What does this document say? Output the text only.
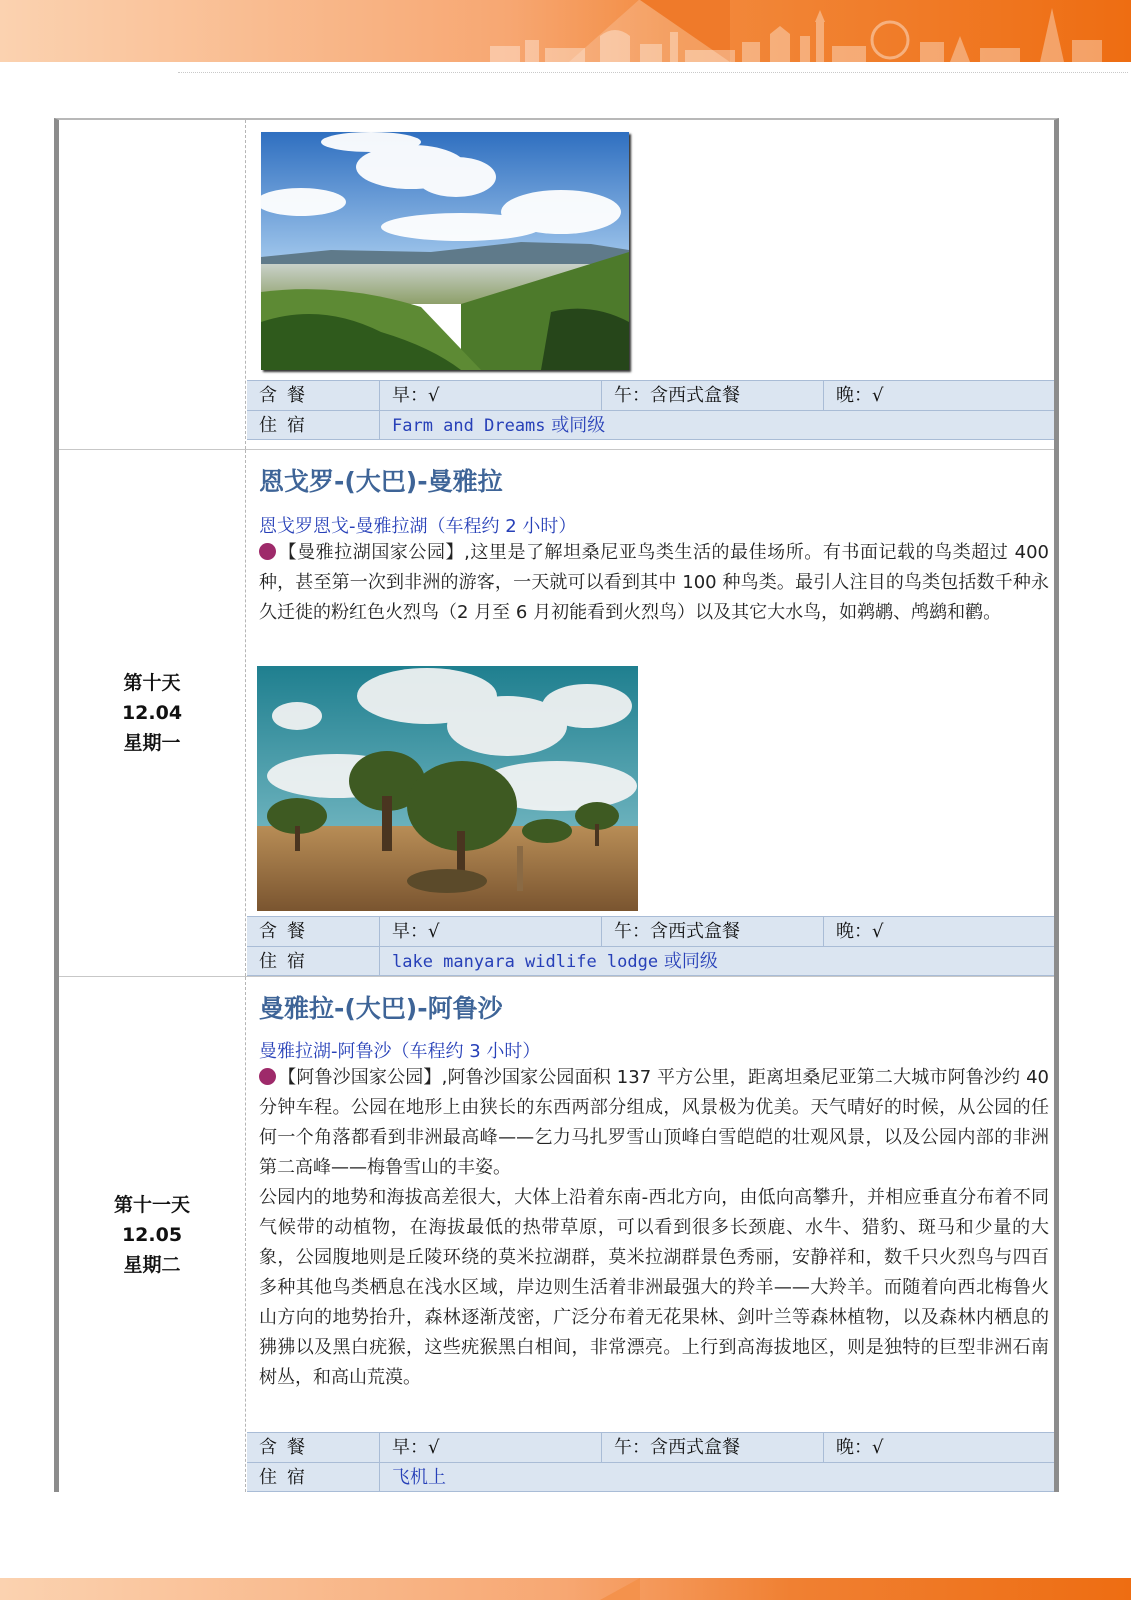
含餐	早：√	午：含西式盒餐	晚：√
住宿	Farm and Dreams 或同级
第十天
12.04
星期一
恩戈罗-(大巴)-曼雅拉
恩戈罗恩戈-曼雅拉湖（车程约 2 小时）
【曼雅拉湖国家公园】,这里是了解坦桑尼亚鸟类生活的最佳场所。有书面记载的鸟类超过 400 种，甚至第一次到非洲的游客，一天就可以看到其中 100 种鸟类。最引人注目的鸟类包括数千种永久迁徙的粉红色火烈鸟（2 月至 6 月初能看到火烈鸟）以及其它大水鸟，如鹈鹕、鸬鹚和鹳。
含餐	早：√	午：含西式盒餐	晚：√
住宿	lake manyara widlife lodge 或同级
第十一天
12.05
星期二
曼雅拉-(大巴)-阿鲁沙
曼雅拉湖-阿鲁沙（车程约 3 小时）
【阿鲁沙国家公园】,阿鲁沙国家公园面积 137 平方公里，距离坦桑尼亚第二大城市阿鲁沙约 40 分钟车程。公园在地形上由狭长的东西两部分组成，风景极为优美。天气晴好的时候，从公园的任何一个角落都看到非洲最高峰——乞力马扎罗雪山顶峰白雪皑皑的壮观风景，以及公园内部的非洲第二高峰——梅鲁雪山的丰姿。
公园内的地势和海拔高差很大，大体上沿着东南-西北方向，由低向高攀升，并相应垂直分布着不同气候带的动植物，在海拔最低的热带草原，可以看到很多长颈鹿、水牛、猎豹、斑马和少量的大象，公园腹地则是丘陵环绕的莫米拉湖群，莫米拉湖群景色秀丽，安静祥和，数千只火烈鸟与四百多种其他鸟类栖息在浅水区域，岸边则生活着非洲最强大的羚羊——大羚羊。而随着向西北梅鲁火山方向的地势抬升，森林逐渐茂密，广泛分布着无花果林、剑叶兰等森林植物，以及森林内栖息的狒狒以及黑白疣猴，这些疣猴黑白相间，非常漂亮。上行到高海拔地区，则是独特的巨型非洲石南树丛，和高山荒漠。
含餐	早：√	午：含西式盒餐	晚：√
住宿	飞机上
